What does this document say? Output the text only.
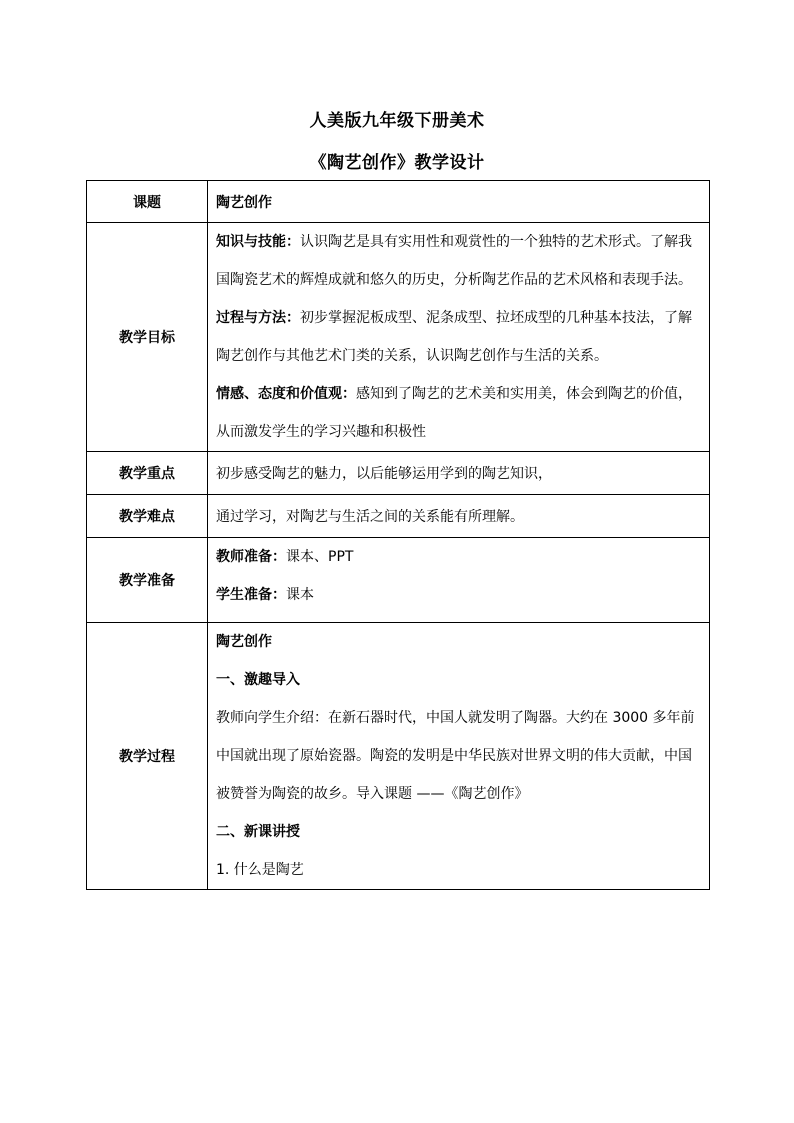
人美版九年级下册美术
《陶艺创作》教学设计
课题	陶艺创作
教学目标	知识与技能：认识陶艺是具有实用性和观赏性的一个独特的艺术形式。了解我国陶瓷艺术的辉煌成就和悠久的历史，分析陶艺作品的艺术风格和表现手法。
过程与方法：初步掌握泥板成型、泥条成型、拉坯成型的几种基本技法，了解陶艺创作与其他艺术门类的关系，认识陶艺创作与生活的关系。
情感、态度和价值观：感知到了陶艺的艺术美和实用美，体会到陶艺的价值，从而激发学生的学习兴趣和积极性

教学重点	初步感受陶艺的魅力，以后能够运用学到的陶艺知识，
教学难点	通过学习，对陶艺与生活之间的关系能有所理解。
教学准备	教师准备：课本、PPT
学生准备：课本

教学过程	陶艺创作
一、激趣导入
教师向学生介绍：在新石器时代，中国人就发明了陶器。大约在 3000 多年前中国就出现了原始瓷器。陶瓷的发明是中华民族对世界文明的伟大贡献，中国被赞誉为陶瓷的故乡。导入课题 ——《陶艺创作》
二、新课讲授
1. 什么是陶艺
